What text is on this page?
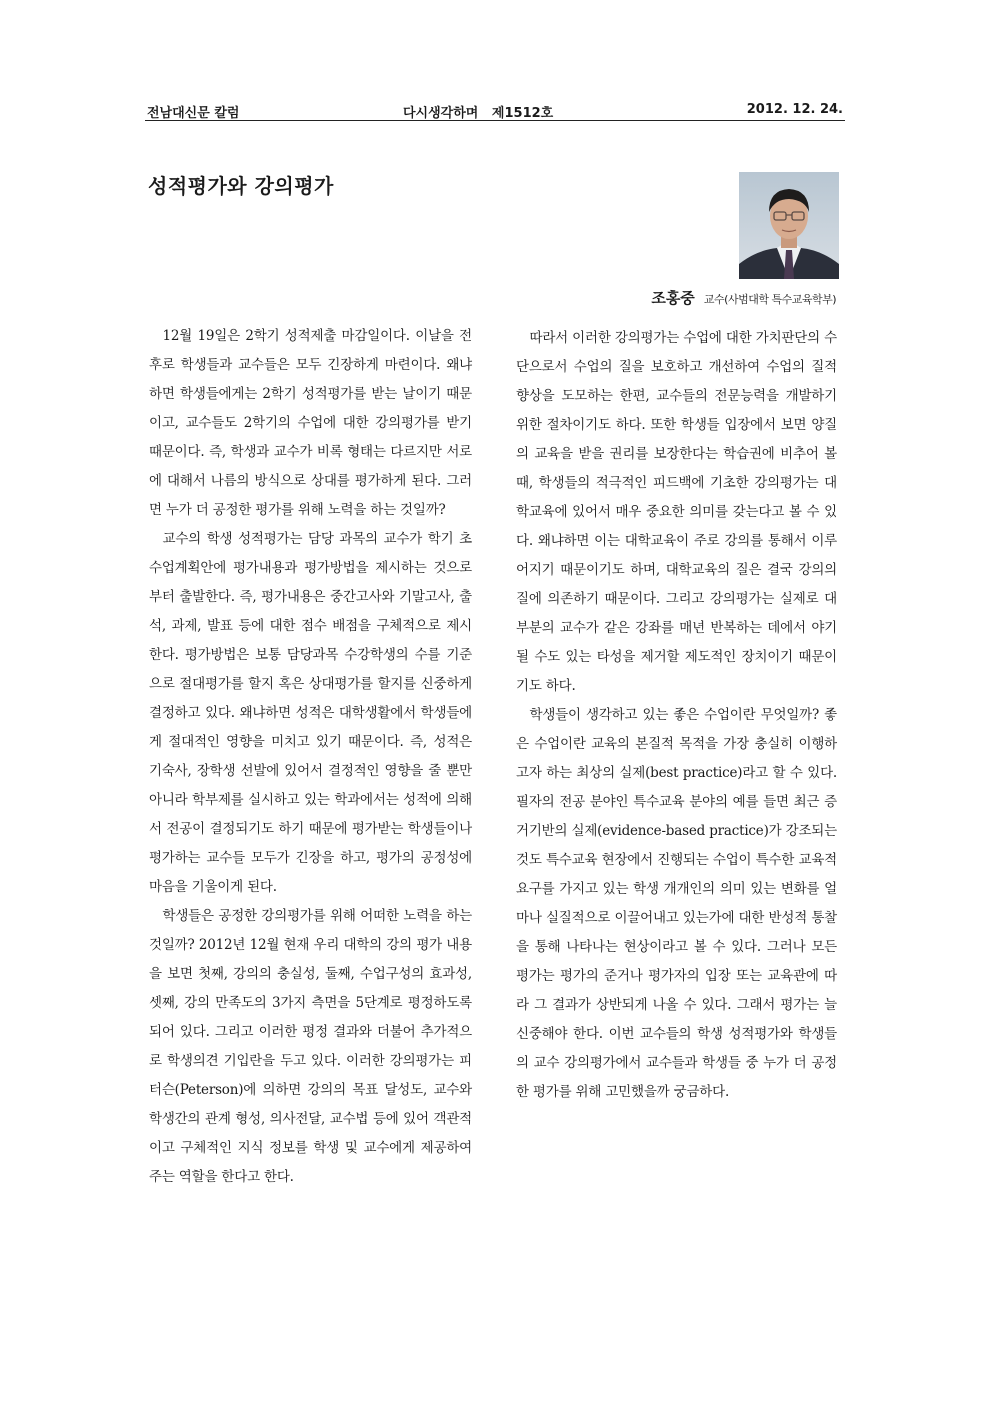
전남대신문 칼럼	다시생각하며   제1512호	2012. 12. 24.
성적평가와 강의평가
조홍중 교수(사범대학 특수교육학부)

12월 19일은 2학기 성적제출 마감일이다. 이날을 전 후로 학생들과 교수들은 모두 긴장하게 마련이다. 왜냐하면 학생들에게는 2학기 성적평가를 받는 날이기 때문이고, 교수들도 2학기의 수업에 대한 강의평가를 받기 때문이다. 즉, 학생과 교수가 비록 형태는 다르지만 서로에 대해서 나름의 방식으로 상대를 평가하게 된다. 그러면 누가 더 공정한 평가를 위해 노력을 하는 것일까?

교수의 학생 성적평가는 담당 과목의 교수가 학기 초 수업계획안에 평가내용과 평가방법을 제시하는 것으로부터 출발한다. 즉, 평가내용은 중간고사와 기말고사, 출석, 과제, 발표 등에 대한 점수 배점을 구체적으로 제시한다. 평가방법은 보통 담당과목 수강학생의 수를 기준으로 절대평가를 할지 혹은 상대평가를 할지를 신중하게 결정하고 있다. 왜냐하면 성적은 대학생활에서 학생들에게 절대적인 영향을 미치고 있기 때문이다. 즉, 성적은 기숙사, 장학생 선발에 있어서 결정적인 영향을 줄 뿐만 아니라 학부제를 실시하고 있는 학과에서는 성적에 의해서 전공이 결정되기도 하기 때문에 평가받는 학생들이나 평가하는 교수들 모두가 긴장을 하고, 평가의 공정성에 마음을 기울이게 된다.

학생들은 공정한 강의평가를 위해 어떠한 노력을 하는 것일까? 2012년 12월 현재 우리 대학의 강의 평가 내용을 보면 첫째, 강의의 충실성, 둘째, 수업구성의 효과성, 셋째, 강의 만족도의 3가지 측면을 5단계로 평정하도록 되어 있다. 그리고 이러한 평정 결과와 더불어 추가적으로 학생의견 기입란을 두고 있다. 이러한 강의평가는 피터슨(Peterson)에 의하면 강의의 목표 달성도, 교수와 학생간의 관계 형성, 의사전달, 교수법 등에 있어 객관적이고 구체적인 지식 정보를 학생 및 교수에게 제공하여 주는 역할을 한다고 한다.

따라서 이러한 강의평가는 수업에 대한 가치판단의 수단으로서 수업의 질을 보호하고 개선하여 수업의 질적 향상을 도모하는 한편, 교수들의 전문능력을 개발하기 위한 절차이기도 하다. 또한 학생들 입장에서 보면 양질의 교육을 받을 권리를 보장한다는 학습권에 비추어 볼 때, 학생들의 적극적인 피드백에 기초한 강의평가는 대학교육에 있어서 매우 중요한 의미를 갖는다고 볼 수 있다. 왜냐하면 이는 대학교육이 주로 강의를 통해서 이루어지기 때문이기도 하며, 대학교육의 질은 결국 강의의 질에 의존하기 때문이다. 그리고 강의평가는 실제로 대부분의 교수가 같은 강좌를 매년 반복하는 데에서 야기될 수도 있는 타성을 제거할 제도적인 장치이기 때문이기도 하다.

학생들이 생각하고 있는 좋은 수업이란 무엇일까? 좋은 수업이란 교육의 본질적 목적을 가장 충실히 이행하고자 하는 최상의 실제(best practice)라고 할 수 있다. 필자의 전공 분야인 특수교육 분야의 예를 들면 최근 증거기반의 실제(evidence-based practice)가 강조되는 것도 특수교육 현장에서 진행되는 수업이 특수한 교육적 요구를 가지고 있는 학생 개개인의 의미 있는 변화를 얼마나 실질적으로 이끌어내고 있는가에 대한 반성적 통찰을 통해 나타나는 현상이라고 볼 수 있다. 그러나 모든 평가는 평가의 준거나 평가자의 입장 또는 교육관에 따라 그 결과가 상반되게 나올 수 있다. 그래서 평가는 늘 신중해야 한다. 이번 교수들의 학생 성적평가와 학생들의 교수 강의평가에서 교수들과 학생들 중 누가 더 공정한 평가를 위해 고민했을까 궁금하다.
